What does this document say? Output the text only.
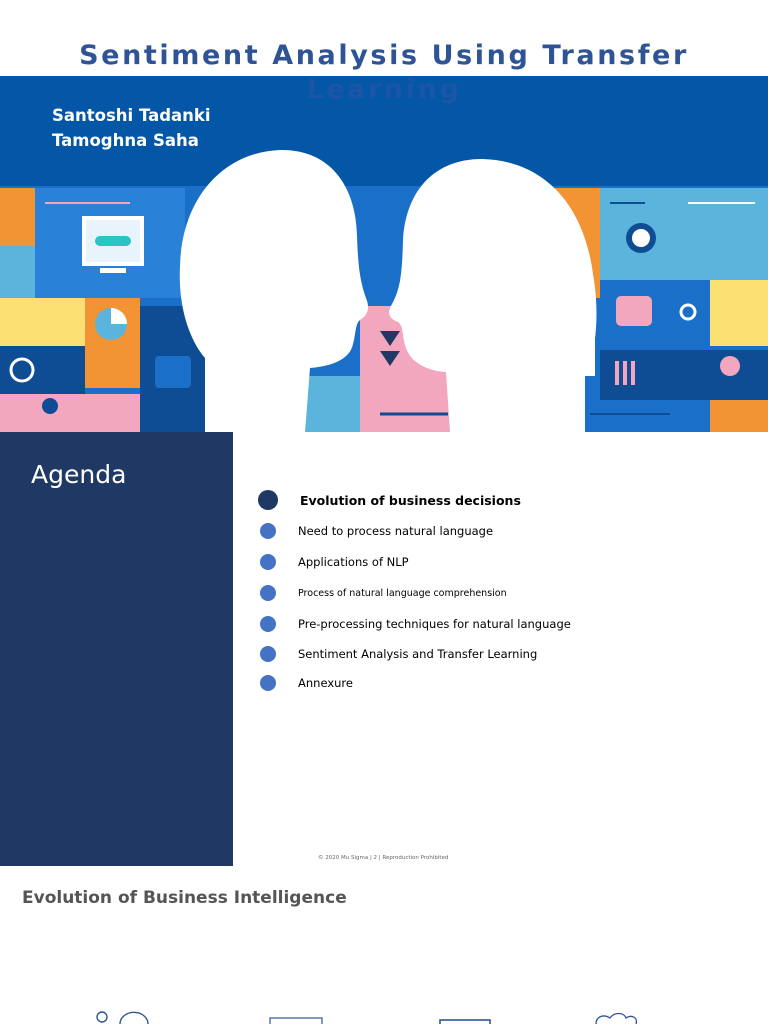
Sentiment Analysis Using Transfer
Learning
Santoshi Tadanki
Tamoghna Saha
Agenda
Evolution of business decisions
Need to process natural language
Applications of NLP
Process of natural language comprehension
Pre-processing techniques for natural language
Sentiment Analysis and Transfer Learning
Annexure
© 2020 Mu Sigma | 2 | Reproduction Prohibited
Evolution of Business Intelligence
